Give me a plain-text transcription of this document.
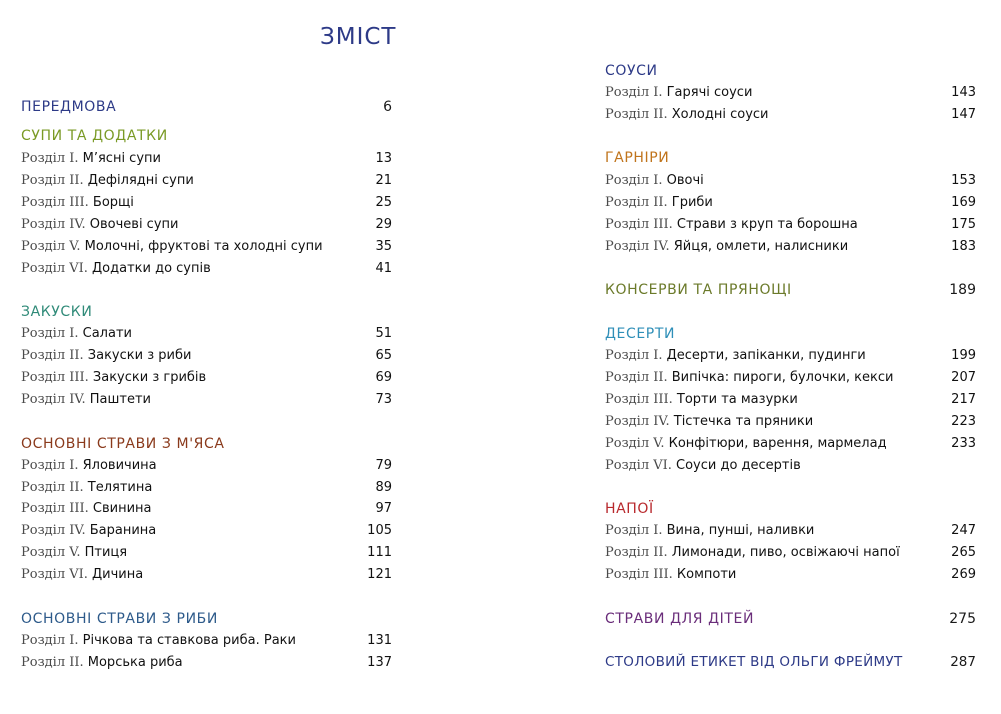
ЗМІСТ
ПЕРЕДМОВА	6
СУПИ ТА ДОДАТКИ
Розділ І. М’ясні супи	13
Розділ ІІ. Дефілядні супи	21
Розділ ІІІ. Борщі	25
Розділ IV. Овочеві супи	29
Розділ V. Молочні, фруктові та холодні супи	35
Розділ VI. Додатки до супів	41
ЗАКУСКИ
Розділ І. Салати	51
Розділ ІІ. Закуски з риби	65
Розділ ІІІ. Закуски з грибів	69
Розділ IV. Паштети	73
ОСНОВНІ СТРАВИ З М'ЯСА
Розділ І. Яловичина	79
Розділ ІІ. Телятина	89
Розділ ІІІ. Свинина	97
Розділ IV. Баранина	105
Розділ V. Птиця	111
Розділ VI. Дичина	121
ОСНОВНІ СТРАВИ З РИБИ
Розділ І. Річкова та ставкова риба. Раки	131
Розділ ІІ. Морська риба	137
СОУСИ
Розділ І. Гарячі соуси	143
Розділ ІІ. Холодні соуси	147
ГАРНІРИ
Розділ І. Овочі	153
Розділ ІІ. Гриби	169
Розділ ІІІ. Страви з круп та борошна	175
Розділ IV. Яйця, омлети, налисники	183
КОНСЕРВИ ТА ПРЯНОЩІ	189
ДЕСЕРТИ
Розділ І. Десерти, запіканки, пудинги	199
Розділ ІІ. Випічка: пироги, булочки, кекси	207
Розділ ІІІ. Торти та мазурки	217
Розділ IV. Тістечка та пряники	223
Розділ V. Конфітюри, варення, мармелад	233
Розділ VI. Соуси до десертів
НАПОЇ
Розділ І. Вина, пунші, наливки	247
Розділ ІІ. Лимонади, пиво, освіжаючі напої	265
Розділ ІІІ. Компоти	269
СТРАВИ ДЛЯ ДІТЕЙ	275
СТОЛОВИЙ ЕТИКЕТ ВІД ОЛЬГИ ФРЕЙМУТ	287
